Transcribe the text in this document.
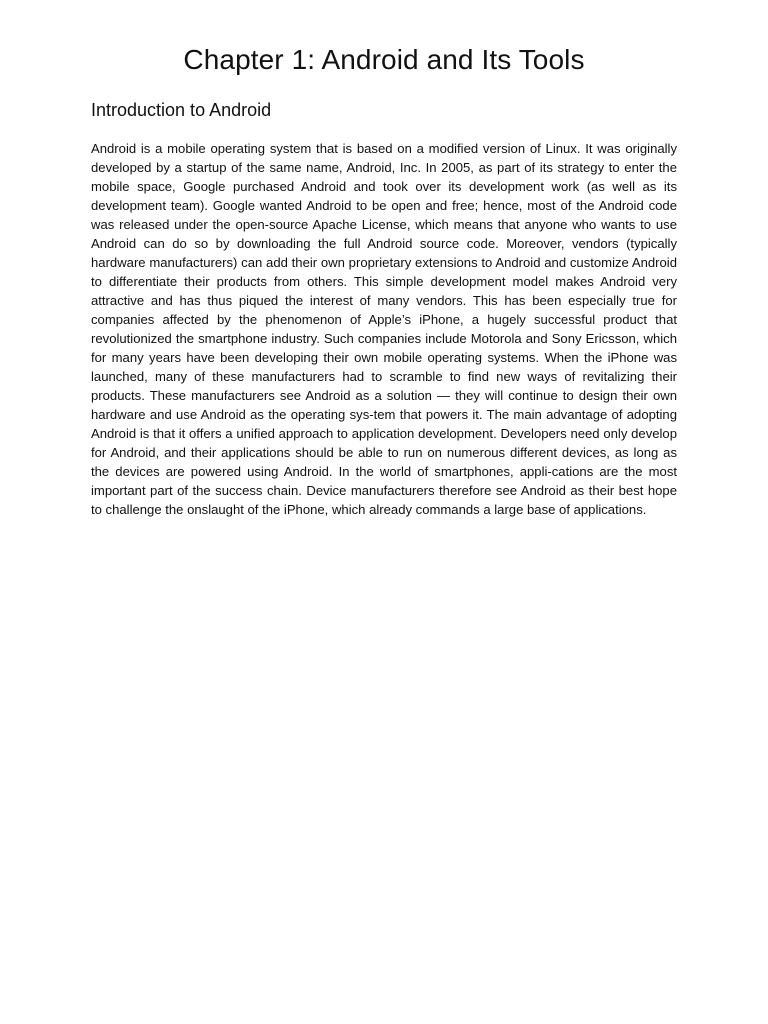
Chapter 1: Android and Its Tools
Introduction to Android

Android is a mobile operating system that is based on a modified version of Linux. It was originally developed by a startup of the same name, Android, Inc. In 2005, as part of its strategy to enter the mobile space, Google purchased Android and took over its development work (as well as its development team). Google wanted Android to be open and free; hence, most of the Android code was released under the open-source Apache License, which means that anyone who wants to use Android can do so by downloading the full Android source code. Moreover, vendors (typically hardware manufacturers) can add their own proprietary extensions to Android and customize Android to differentiate their products from others. This simple development model makes Android very attractive and has thus piqued the interest of many vendors. This has been especially true for companies affected by the phenomenon of Apple’s iPhone, a hugely successful product that revolutionized the smartphone industry. Such companies include Motorola and Sony Ericsson, which for many years have been developing their own mobile operating systems. When the iPhone was launched, many of these manufacturers had to scramble to find new ways of revitalizing their products. These manufacturers see Android as a solution — they will continue to design their own hardware and use Android as the operating sys-tem that powers it. The main advantage of adopting Android is that it offers a unified approach to application development. Developers need only develop for Android, and their applications should be able to run on numerous different devices, as long as the devices are powered using Android. In the world of smartphones, appli-cations are the most important part of the success chain. Device manufacturers therefore see Android as their best hope to challenge the onslaught of the iPhone, which already commands a large base of applications.
